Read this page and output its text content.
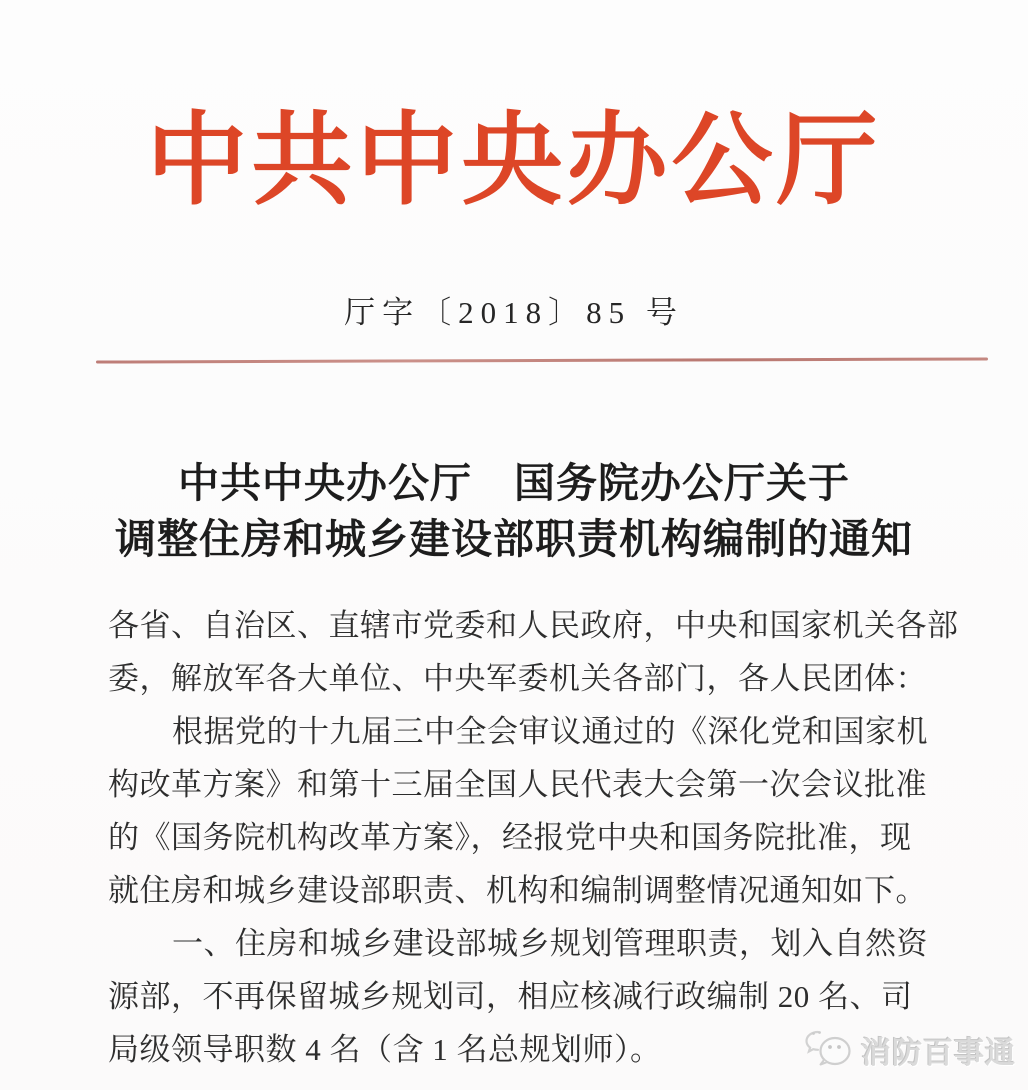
中共中央办公厅
厅字〔2018〕85 号
中共中央办公厅　国务院办公厅关于
调整住房和城乡建设部职责机构编制的通知
各省、自治区、直辖市党委和人民政府，中央和国家机关各部
委，解放军各大单位、中央军委机关各部门，各人民团体：
根据党的十九届三中全会审议通过的《深化党和国家机
构改革方案》和第十三届全国人民代表大会第一次会议批准
的《国务院机构改革方案》，经报党中央和国务院批准，现
就住房和城乡建设部职责、机构和编制调整情况通知如下。
一、住房和城乡建设部城乡规划管理职责，划入自然资
源部，不再保留城乡规划司，相应核减行政编制 20 名、司
局级领导职数 4 名（含 1 名总规划师）。	消防百事通
